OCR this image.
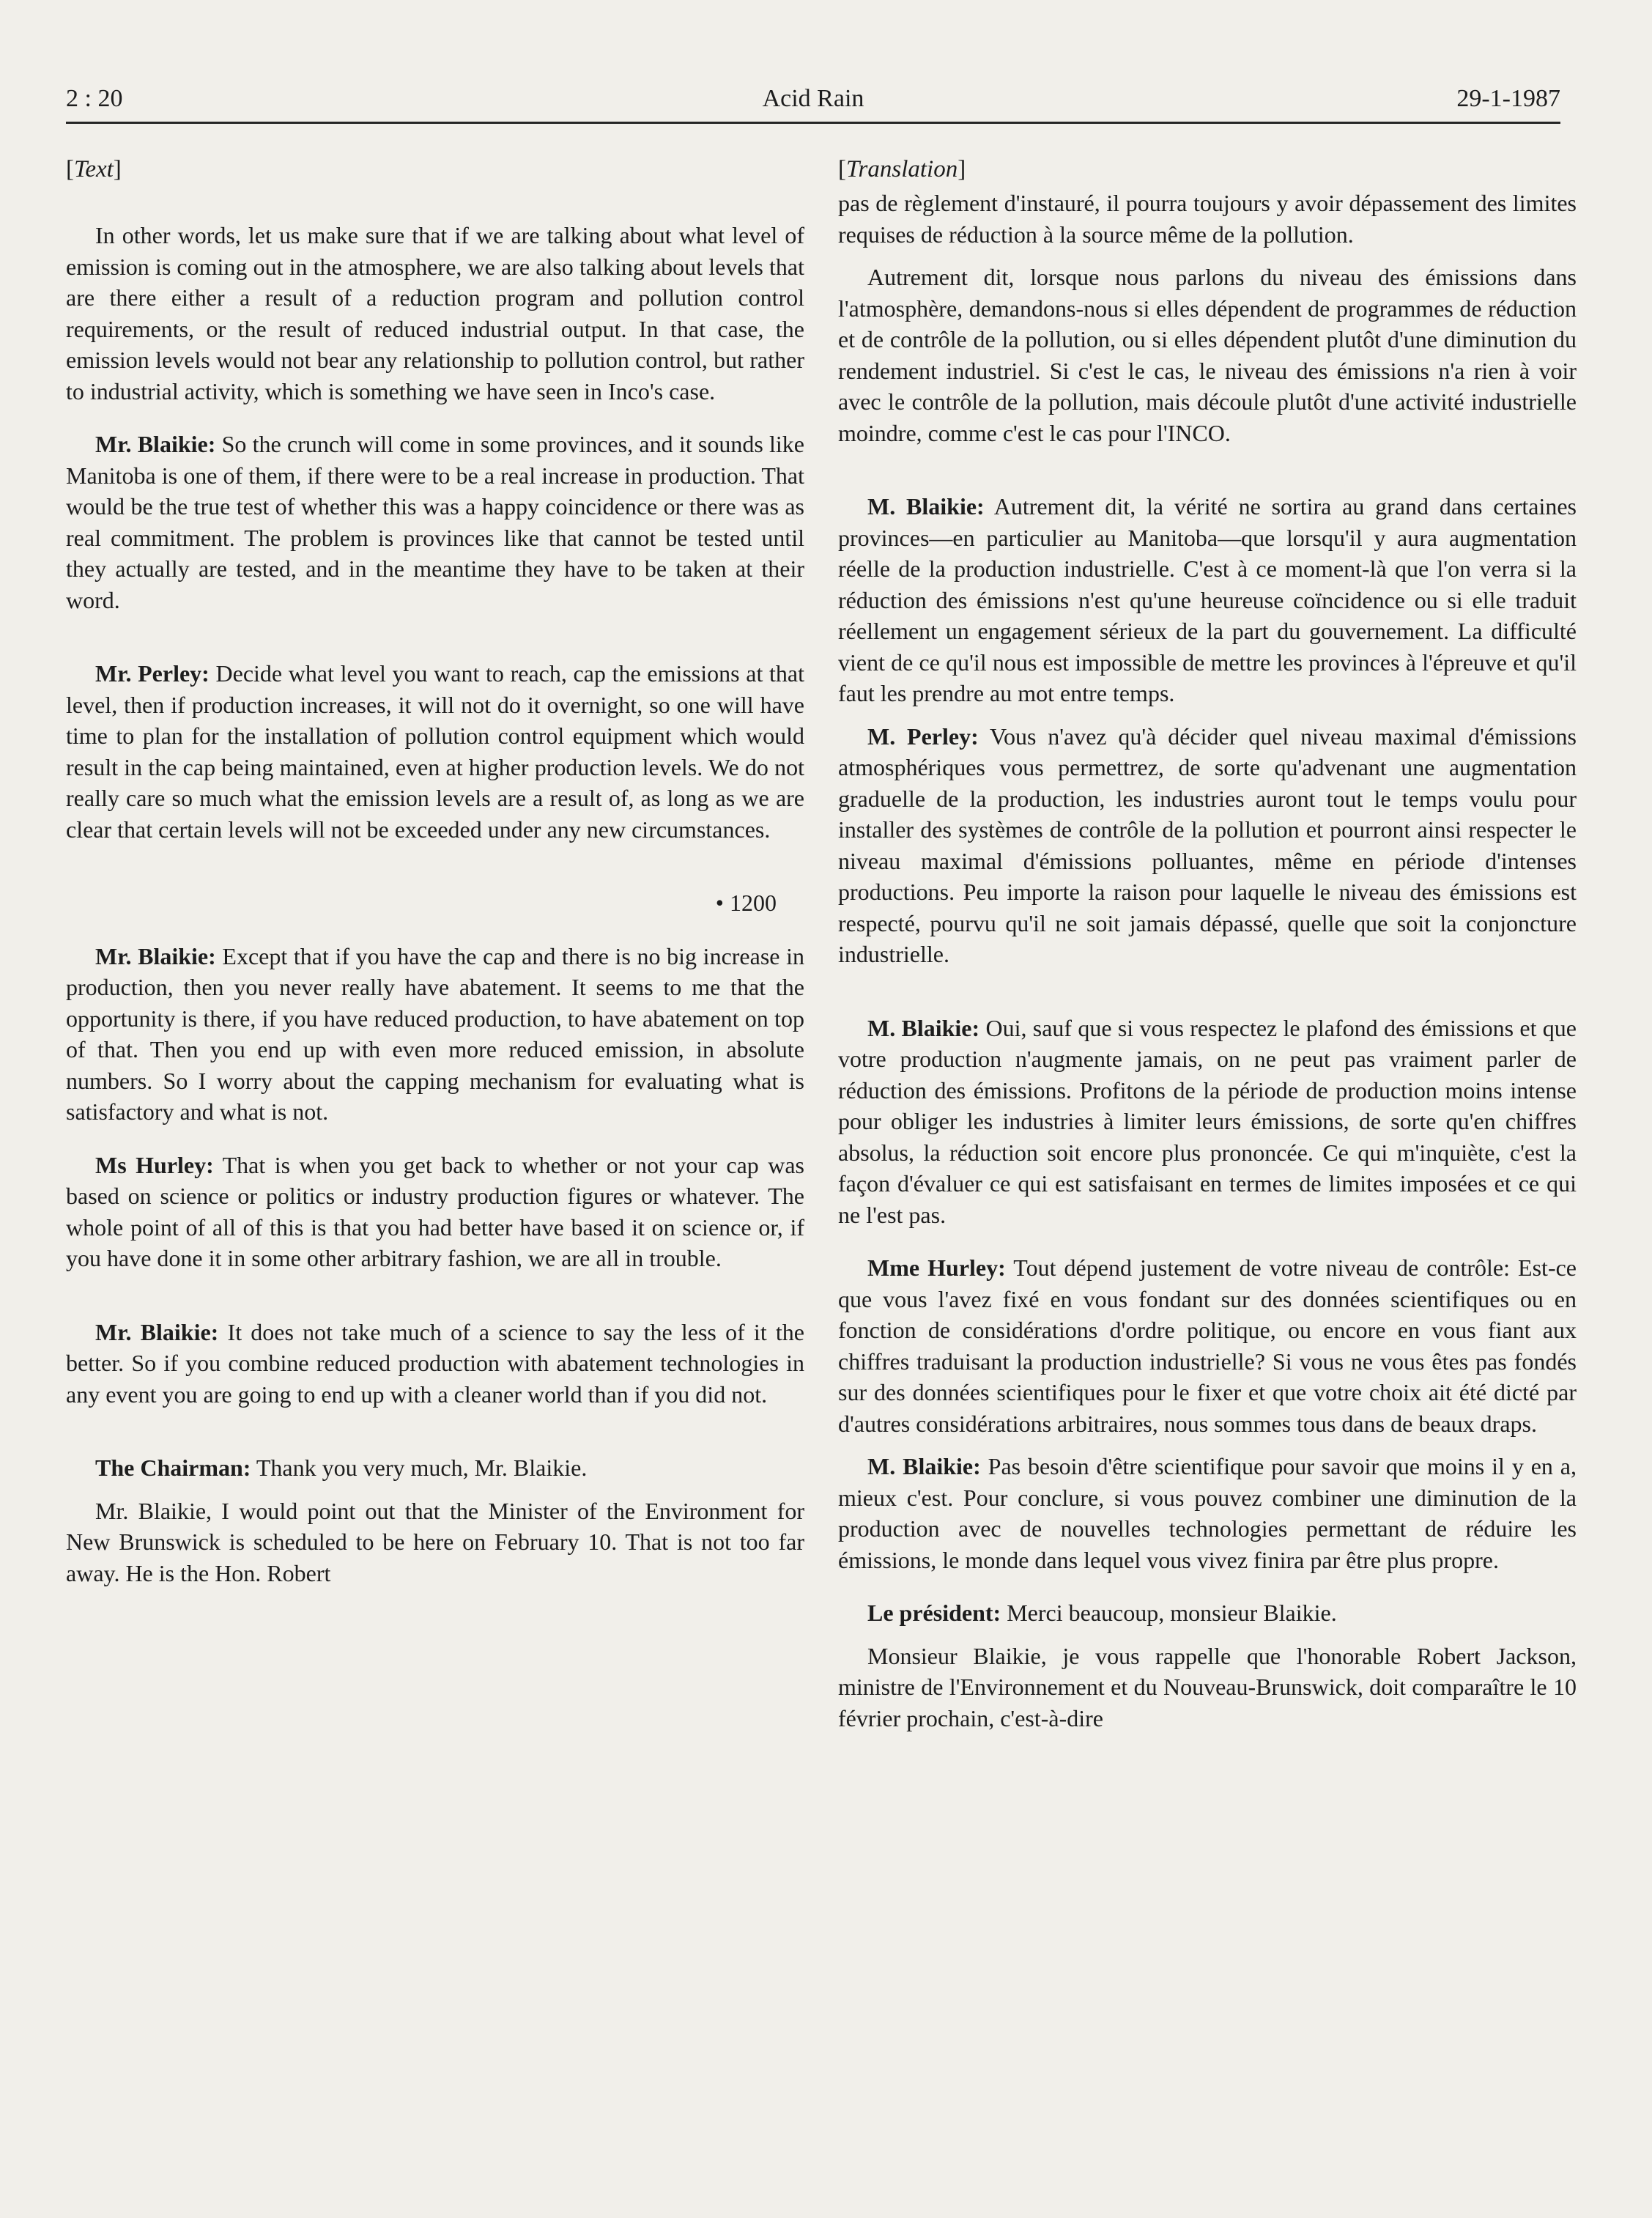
2 : 20	Acid Rain	29-1-1987
[Text]

In other words, let us make sure that if we are talking about what level of emission is coming out in the atmosphere, we are also talking about levels that are there either a result of a reduction program and pollution control requirements, or the result of reduced industrial output. In that case, the emission levels would not bear any relationship to pollution control, but rather to industrial activity, which is something we have seen in Inco's case.

Mr. Blaikie: So the crunch will come in some provinces, and it sounds like Manitoba is one of them, if there were to be a real increase in production. That would be the true test of whether this was a happy coincidence or there was as real commitment. The problem is provinces like that cannot be tested until they actually are tested, and in the meantime they have to be taken at their word.

Mr. Perley: Decide what level you want to reach, cap the emissions at that level, then if production increases, it will not do it overnight, so one will have time to plan for the installation of pollution control equipment which would result in the cap being maintained, even at higher production levels. We do not really care so much what the emission levels are a result of, as long as we are clear that certain levels will not be exceeded under any new circumstances.

• 1200

Mr. Blaikie: Except that if you have the cap and there is no big increase in production, then you never really have abatement. It seems to me that the opportunity is there, if you have reduced production, to have abatement on top of that. Then you end up with even more reduced emission, in absolute numbers. So I worry about the capping mechanism for evaluating what is satisfactory and what is not.

Ms Hurley: That is when you get back to whether or not your cap was based on science or politics or industry production figures or whatever. The whole point of all of this is that you had better have based it on science or, if you have done it in some other arbitrary fashion, we are all in trouble.

Mr. Blaikie: It does not take much of a science to say the less of it the better. So if you combine reduced production with abatement technologies in any event you are going to end up with a cleaner world than if you did not.

The Chairman: Thank you very much, Mr. Blaikie.

Mr. Blaikie, I would point out that the Minister of the Environment for New Brunswick is scheduled to be here on February 10. That is not too far away. He is the Hon. Robert

[Translation]

pas de règlement d'instauré, il pourra toujours y avoir dépassement des limites requises de réduction à la source même de la pollution.

Autrement dit, lorsque nous parlons du niveau des émissions dans l'atmosphère, demandons-nous si elles dépendent de programmes de réduction et de contrôle de la pollution, ou si elles dépendent plutôt d'une diminution du rendement industriel. Si c'est le cas, le niveau des émissions n'a rien à voir avec le contrôle de la pollution, mais découle plutôt d'une activité industrielle moindre, comme c'est le cas pour l'INCO.

M. Blaikie: Autrement dit, la vérité ne sortira au grand dans certaines provinces—en particulier au Manitoba—que lorsqu'il y aura augmentation réelle de la production industrielle. C'est à ce moment-là que l'on verra si la réduction des émissions n'est qu'une heureuse coïncidence ou si elle traduit réellement un engagement sérieux de la part du gouvernement. La difficulté vient de ce qu'il nous est impossible de mettre les provinces à l'épreuve et qu'il faut les prendre au mot entre temps.

M. Perley: Vous n'avez qu'à décider quel niveau maximal d'émissions atmosphériques vous permettrez, de sorte qu'advenant une augmentation graduelle de la production, les industries auront tout le temps voulu pour installer des systèmes de contrôle de la pollution et pourront ainsi respecter le niveau maximal d'émissions polluantes, même en période d'intenses productions. Peu importe la raison pour laquelle le niveau des émissions est respecté, pourvu qu'il ne soit jamais dépassé, quelle que soit la conjoncture industrielle.

M. Blaikie: Oui, sauf que si vous respectez le plafond des émissions et que votre production n'augmente jamais, on ne peut pas vraiment parler de réduction des émissions. Profitons de la période de production moins intense pour obliger les industries à limiter leurs émissions, de sorte qu'en chiffres absolus, la réduction soit encore plus prononcée. Ce qui m'inquiète, c'est la façon d'évaluer ce qui est satisfaisant en termes de limites imposées et ce qui ne l'est pas.

Mme Hurley: Tout dépend justement de votre niveau de contrôle: Est-ce que vous l'avez fixé en vous fondant sur des données scientifiques ou en fonction de considérations d'ordre politique, ou encore en vous fiant aux chiffres traduisant la production industrielle? Si vous ne vous êtes pas fondés sur des données scientifiques pour le fixer et que votre choix ait été dicté par d'autres considérations arbitraires, nous sommes tous dans de beaux draps.

M. Blaikie: Pas besoin d'être scientifique pour savoir que moins il y en a, mieux c'est. Pour conclure, si vous pouvez combiner une diminution de la production avec de nouvelles technologies permettant de réduire les émissions, le monde dans lequel vous vivez finira par être plus propre.

Le président: Merci beaucoup, monsieur Blaikie.

Monsieur Blaikie, je vous rappelle que l'honorable Robert Jackson, ministre de l'Environnement et du Nouveau-Brunswick, doit comparaître le 10 février prochain, c'est-à-dire
